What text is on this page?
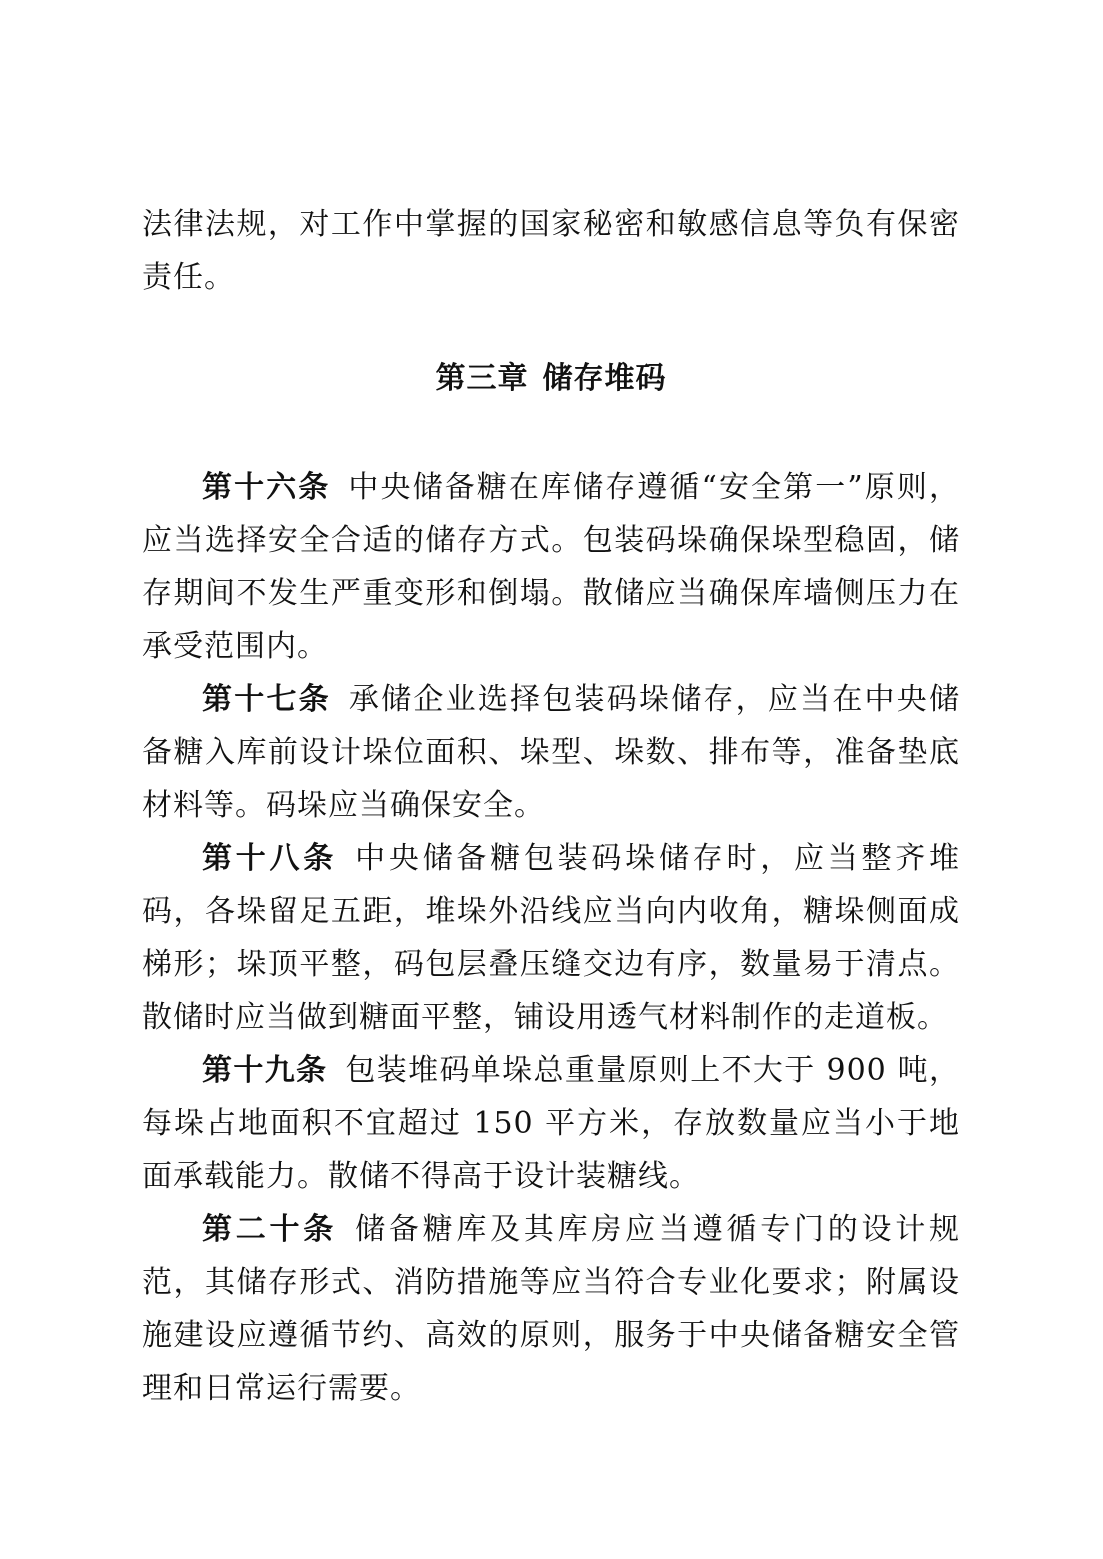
法律法规，对工作中掌握的国家秘密和敏感信息等负有保密责任。

第三章 储存堆码

第十六条 中央储备糖在库储存遵循“安全第一”原则，应当选择安全合适的储存方式。包装码垛确保垛型稳固，储存期间不发生严重变形和倒塌。散储应当确保库墙侧压力在承受范围内。

第十七条 承储企业选择包装码垛储存，应当在中央储备糖入库前设计垛位面积、垛型、垛数、排布等，准备垫底材料等。码垛应当确保安全。

第十八条 中央储备糖包装码垛储存时，应当整齐堆码，各垛留足五距，堆垛外沿线应当向内收角，糖垛侧面成梯形；垛顶平整，码包层叠压缝交边有序，数量易于清点。散储时应当做到糖面平整，铺设用透气材料制作的走道板。

第十九条 包装堆码单垛总重量原则上不大于 900 吨，每垛占地面积不宜超过 150 平方米，存放数量应当小于地面承载能力。散储不得高于设计装糖线。

第二十条 储备糖库及其库房应当遵循专门的设计规范，其储存形式、消防措施等应当符合专业化要求；附属设施建设应遵循节约、高效的原则，服务于中央储备糖安全管理和日常运行需要。
